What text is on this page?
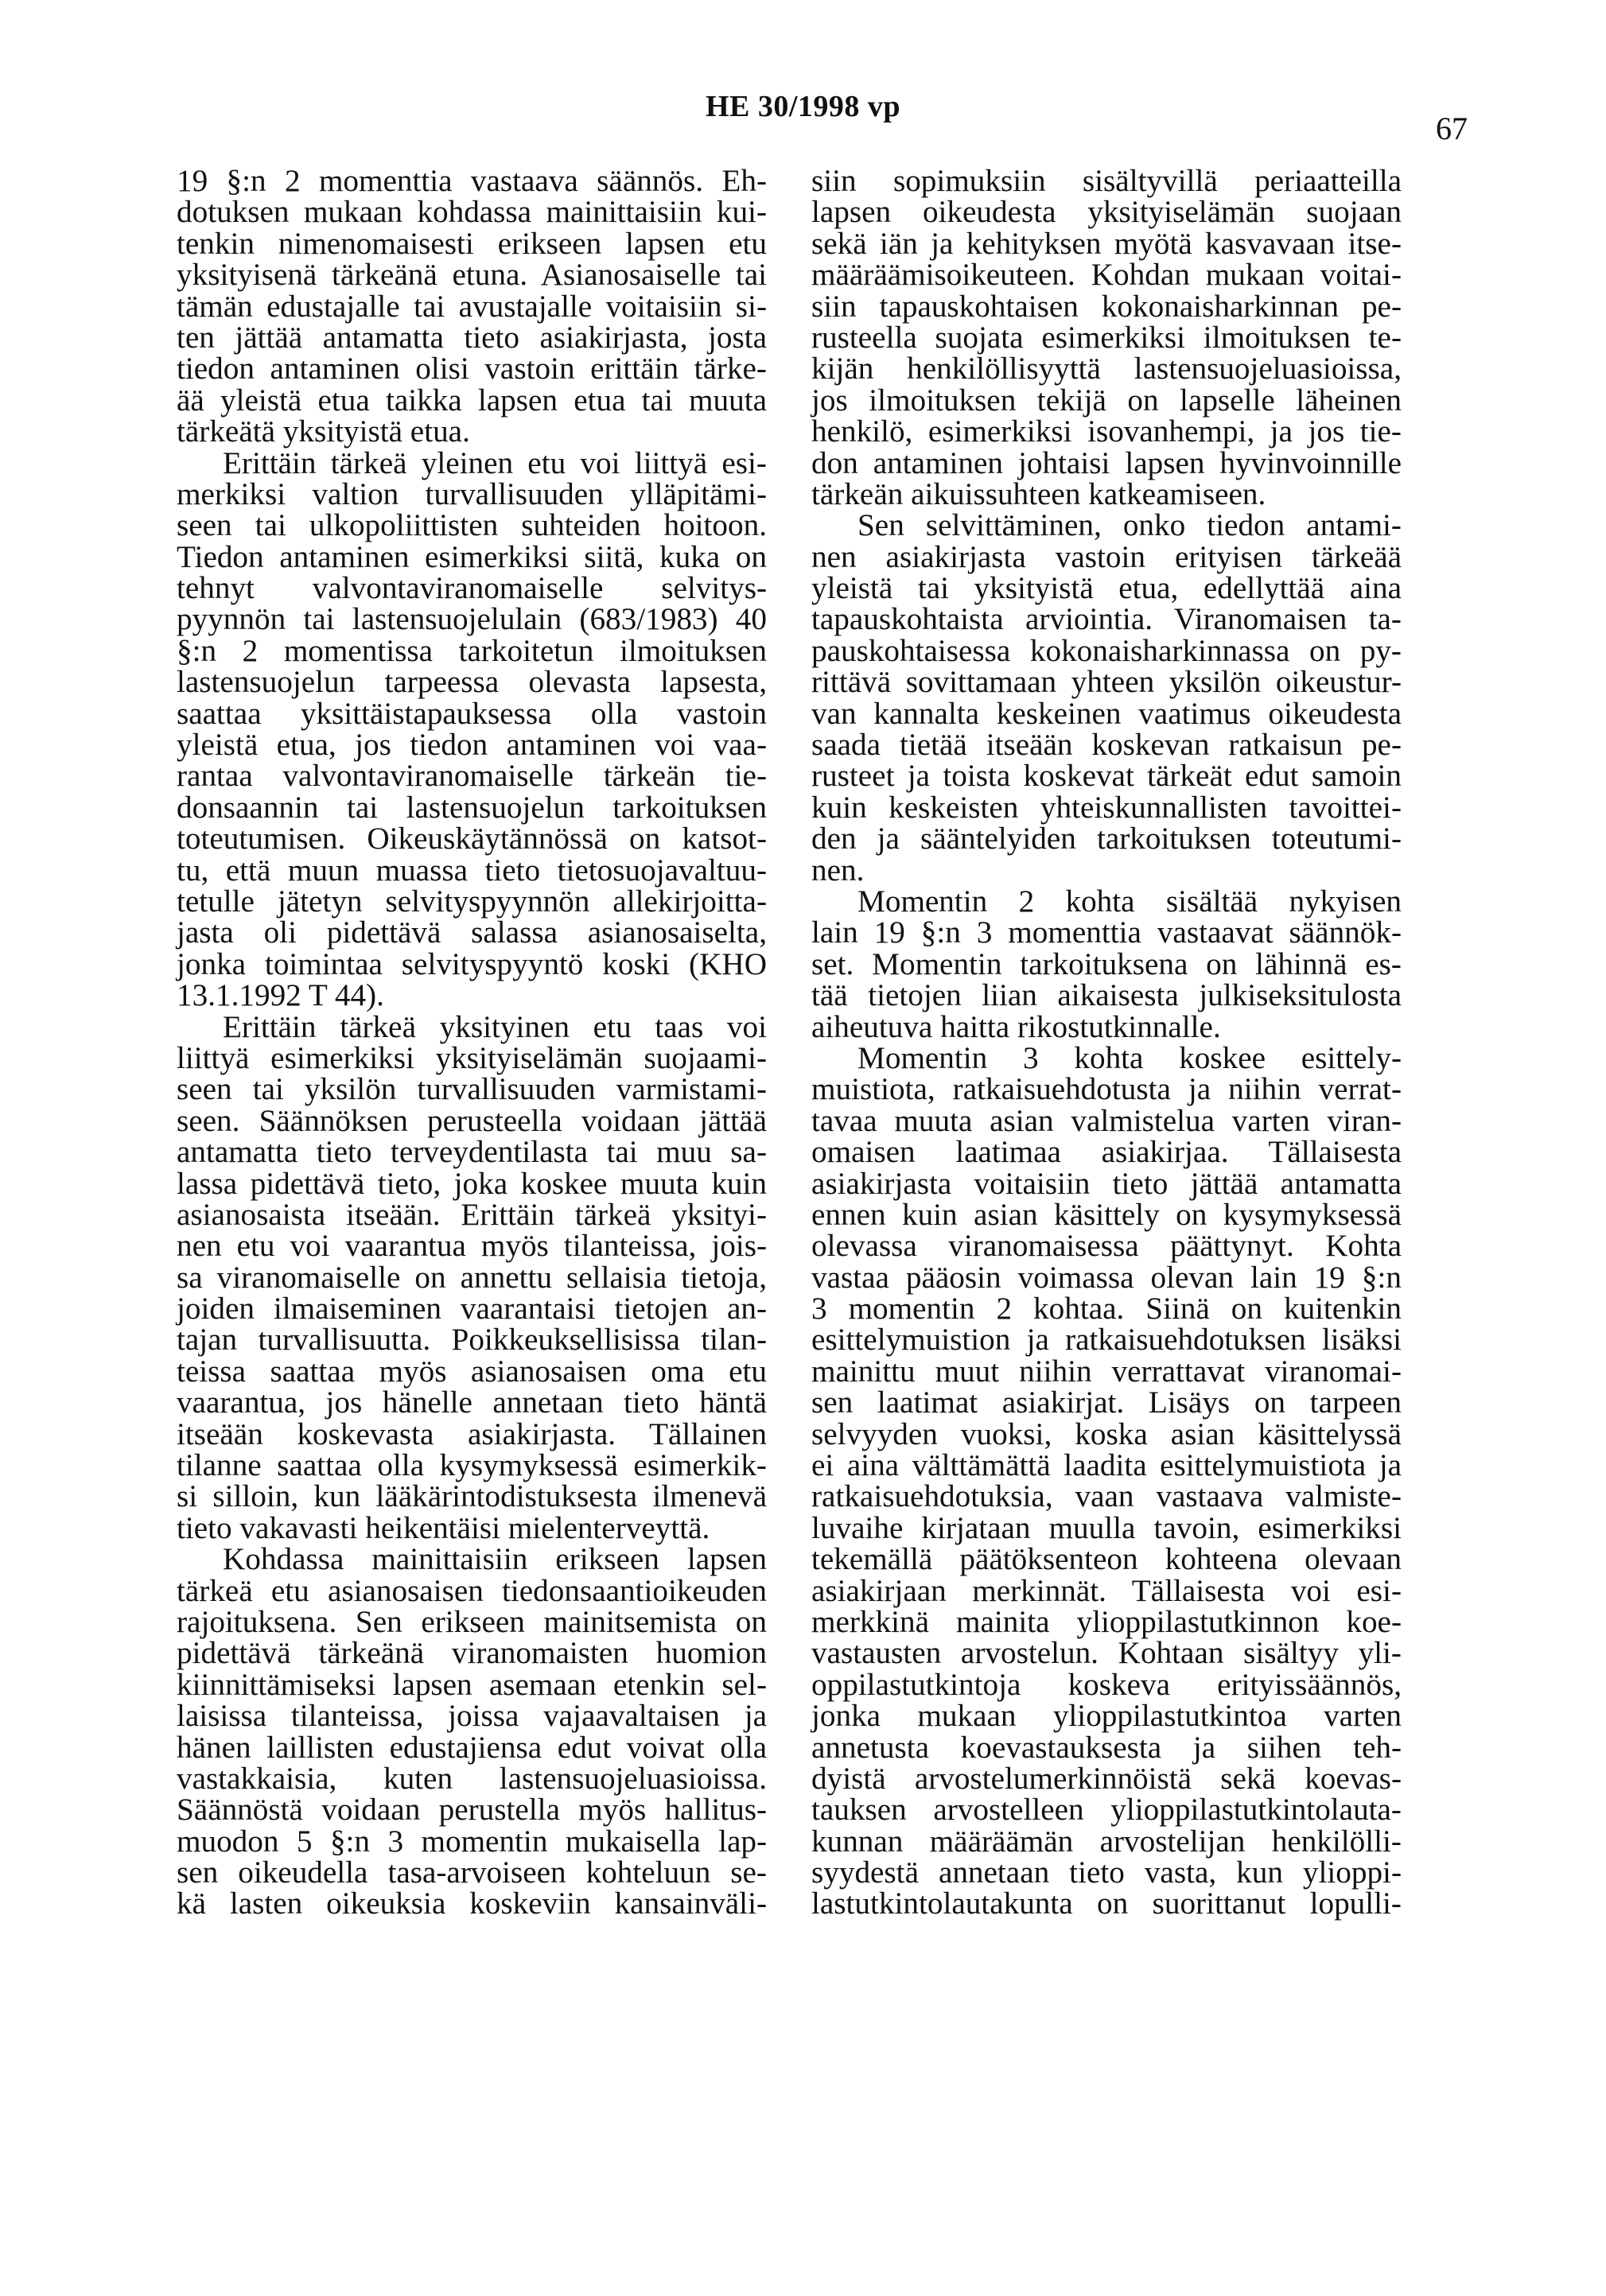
HE 30/1998 vp
67
19 §:n 2 momenttia vastaava säännös. Eh-
dotuksen mukaan kohdassa mainittaisiin kui-
tenkin nimenomaisesti erikseen lapsen etu
yksityisenä tärkeänä etuna. Asianosaiselle tai
tämän edustajalle tai avustajalle voitaisiin si-
ten jättää antamatta tieto asiakirjasta, josta
tiedon antaminen olisi vastoin erittäin tärke-
ää yleistä etua taikka lapsen etua tai muuta
tärkeätä yksityistä etua.
Erittäin tärkeä yleinen etu voi liittyä esi-
merkiksi valtion turvallisuuden ylläpitämi-
seen tai ulkopoliittisten suhteiden hoitoon.
Tiedon antaminen esimerkiksi siitä, kuka on
tehnyt valvontaviranomaiselle selvitys-
pyynnön tai lastensuojelulain (683/1983) 40
§:n 2 momentissa tarkoitetun ilmoituksen
lastensuojelun tarpeessa olevasta lapsesta,
saattaa yksittäistapauksessa olla vastoin
yleistä etua, jos tiedon antaminen voi vaa-
rantaa valvontaviranomaiselle tärkeän tie-
donsaannin tai lastensuojelun tarkoituksen
toteutumisen. Oikeuskäytännössä on katsot-
tu, että muun muassa tieto tietosuojavaltuu-
tetulle jätetyn selvityspyynnön allekirjoitta-
jasta oli pidettävä salassa asianosaiselta,
jonka toimintaa selvityspyyntö koski (KHO
13.1.1992 T 44).
Erittäin tärkeä yksityinen etu taas voi
liittyä esimerkiksi yksityiselämän suojaami-
seen tai yksilön turvallisuuden varmistami-
seen. Säännöksen perusteella voidaan jättää
antamatta tieto terveydentilasta tai muu sa-
lassa pidettävä tieto, joka koskee muuta kuin
asianosaista itseään. Erittäin tärkeä yksityi-
nen etu voi vaarantua myös tilanteissa, jois-
sa viranomaiselle on annettu sellaisia tietoja,
joiden ilmaiseminen vaarantaisi tietojen an-
tajan turvallisuutta. Poikkeuksellisissa tilan-
teissa saattaa myös asianosaisen oma etu
vaarantua, jos hänelle annetaan tieto häntä
itseään koskevasta asiakirjasta. Tällainen
tilanne saattaa olla kysymyksessä esimerkik-
si silloin, kun lääkärintodistuksesta ilmenevä
tieto vakavasti heikentäisi mielenterveyttä.
Kohdassa mainittaisiin erikseen lapsen
tärkeä etu asianosaisen tiedonsaantioikeuden
rajoituksena. Sen erikseen mainitsemista on
pidettävä tärkeänä viranomaisten huomion
kiinnittämiseksi lapsen asemaan etenkin sel-
laisissa tilanteissa, joissa vajaavaltaisen ja
hänen laillisten edustajiensa edut voivat olla
vastakkaisia, kuten lastensuojeluasioissa.
Säännöstä voidaan perustella myös hallitus-
muodon 5 §:n 3 momentin mukaisella lap-
sen oikeudella tasa-arvoiseen kohteluun se-
kä lasten oikeuksia koskeviin kansainväli-
siin sopimuksiin sisältyvillä periaatteilla
lapsen oikeudesta yksityiselämän suojaan
sekä iän ja kehityksen myötä kasvavaan itse-
määräämisoikeuteen. Kohdan mukaan voitai-
siin tapauskohtaisen kokonaisharkinnan pe-
rusteella suojata esimerkiksi ilmoituksen te-
kijän henkilöllisyyttä lastensuojeluasioissa,
jos ilmoituksen tekijä on lapselle läheinen
henkilö, esimerkiksi isovanhempi, ja jos tie-
don antaminen johtaisi lapsen hyvinvoinnille
tärkeän aikuissuhteen katkeamiseen.
Sen selvittäminen, onko tiedon antami-
nen asiakirjasta vastoin erityisen tärkeää
yleistä tai yksityistä etua, edellyttää aina
tapauskohtaista arviointia. Viranomaisen ta-
pauskohtaisessa kokonaisharkinnassa on py-
rittävä sovittamaan yhteen yksilön oikeustur-
van kannalta keskeinen vaatimus oikeudesta
saada tietää itseään koskevan ratkaisun pe-
rusteet ja toista koskevat tärkeät edut samoin
kuin keskeisten yhteiskunnallisten tavoittei-
den ja sääntelyiden tarkoituksen toteutumi-
nen.
Momentin 2 kohta sisältää nykyisen
lain 19 §:n 3 momenttia vastaavat säännök-
set. Momentin tarkoituksena on lähinnä es-
tää tietojen liian aikaisesta julkiseksitulosta
aiheutuva haitta rikostutkinnalle.
Momentin 3 kohta koskee esittely-
muistiota, ratkaisuehdotusta ja niihin verrat-
tavaa muuta asian valmistelua varten viran-
omaisen laatimaa asiakirjaa. Tällaisesta
asiakirjasta voitaisiin tieto jättää antamatta
ennen kuin asian käsittely on kysymyksessä
olevassa viranomaisessa päättynyt. Kohta
vastaa pääosin voimassa olevan lain 19 §:n
3 momentin 2 kohtaa. Siinä on kuitenkin
esittelymuistion ja ratkaisuehdotuksen lisäksi
mainittu muut niihin verrattavat viranomai-
sen laatimat asiakirjat. Lisäys on tarpeen
selvyyden vuoksi, koska asian käsittelyssä
ei aina välttämättä laadita esittelymuistiota ja
ratkaisuehdotuksia, vaan vastaava valmiste-
luvaihe kirjataan muulla tavoin, esimerkiksi
tekemällä päätöksenteon kohteena olevaan
asiakirjaan merkinnät. Tällaisesta voi esi-
merkkinä mainita ylioppilastutkinnon koe-
vastausten arvostelun. Kohtaan sisältyy yli-
oppilastutkintoja koskeva erityissäännös,
jonka mukaan ylioppilastutkintoa varten
annetusta koevastauksesta ja siihen teh-
dyistä arvostelumerkinnöistä sekä koevas-
tauksen arvostelleen ylioppilastutkintolauta-
kunnan määräämän arvostelijan henkilölli-
syydestä annetaan tieto vasta, kun ylioppi-
lastutkintolautakunta on suorittanut lopulli-
